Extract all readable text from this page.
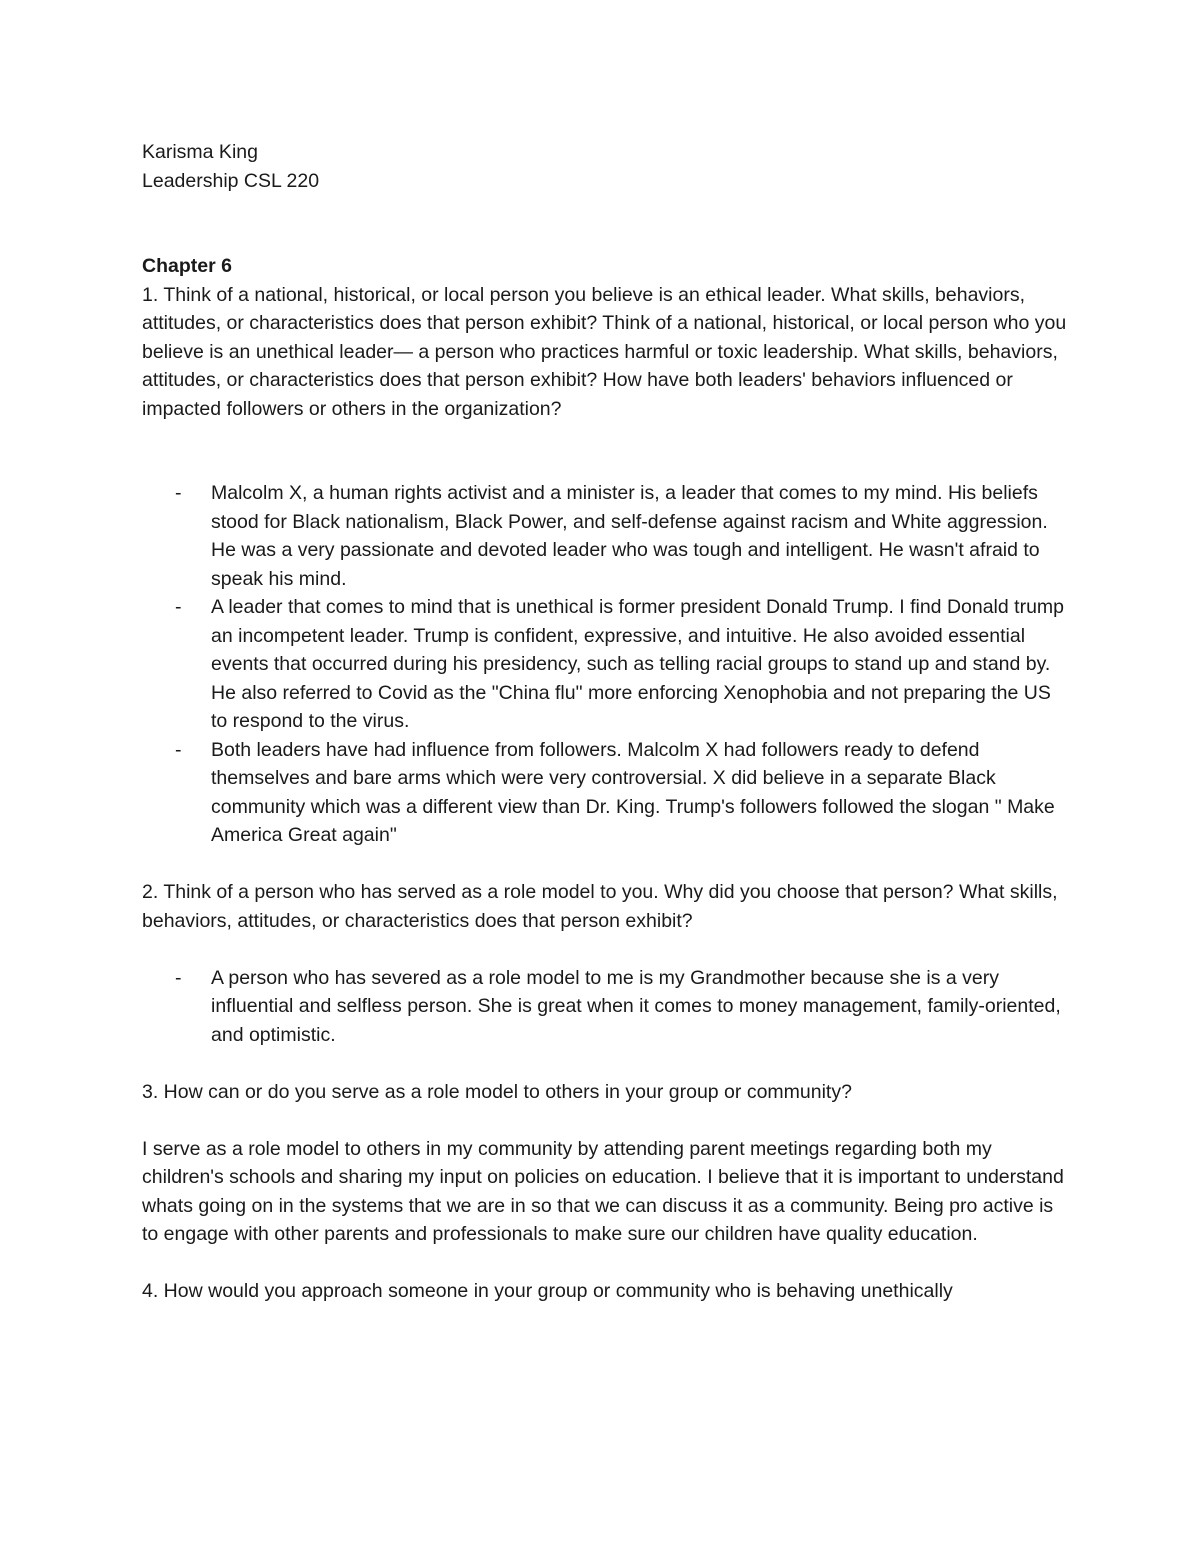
Karisma King
Leadership CSL 220

Chapter 6

1. Think of a national, historical, or local person you believe is an ethical leader. What skills, behaviors, attitudes, or characteristics does that person exhibit? Think of a national, historical, or local person who you believe is an unethical leader— a person who practices harmful or toxic leadership. What skills, behaviors, attitudes, or characteristics does that person exhibit? How have both leaders' behaviors influenced or impacted followers or others in the organization?

- Malcolm X, a human rights activist and a minister is, a leader that comes to my mind. His beliefs stood for Black nationalism, Black Power, and self-defense against racism and White aggression. He was a very passionate and devoted leader who was tough and intelligent. He wasn't afraid to speak his mind.
- A leader that comes to mind that is unethical is former president Donald Trump. I find Donald trump an incompetent leader. Trump is confident, expressive, and intuitive. He also avoided essential events that occurred during his presidency, such as telling racial groups to stand up and stand by. He also referred to Covid as the "China flu" more enforcing Xenophobia and not preparing the US to respond to the virus.
- Both leaders have had influence from followers. Malcolm X had followers ready to defend themselves and bare arms which were very controversial. X did believe in a separate Black community which was a different view than Dr. King. Trump's followers followed the slogan " Make America Great again"

2. Think of a person who has served as a role model to you. Why did you choose that person? What skills, behaviors, attitudes, or characteristics does that person exhibit?

- A person who has severed as a role model to me is my Grandmother because she is a very influential and selfless person. She is great when it comes to money management, family-oriented, and optimistic.

3. How can or do you serve as a role model to others in your group or community?

I serve as a role model to others in my community by attending parent meetings regarding both my children's schools and sharing my input on policies on education. I believe that it is important to understand whats going on in the systems that we are in so that we can discuss it as a community. Being pro active is to engage with other parents and professionals to make sure our children have quality education.

4. How would you approach someone in your group or community who is behaving unethically
